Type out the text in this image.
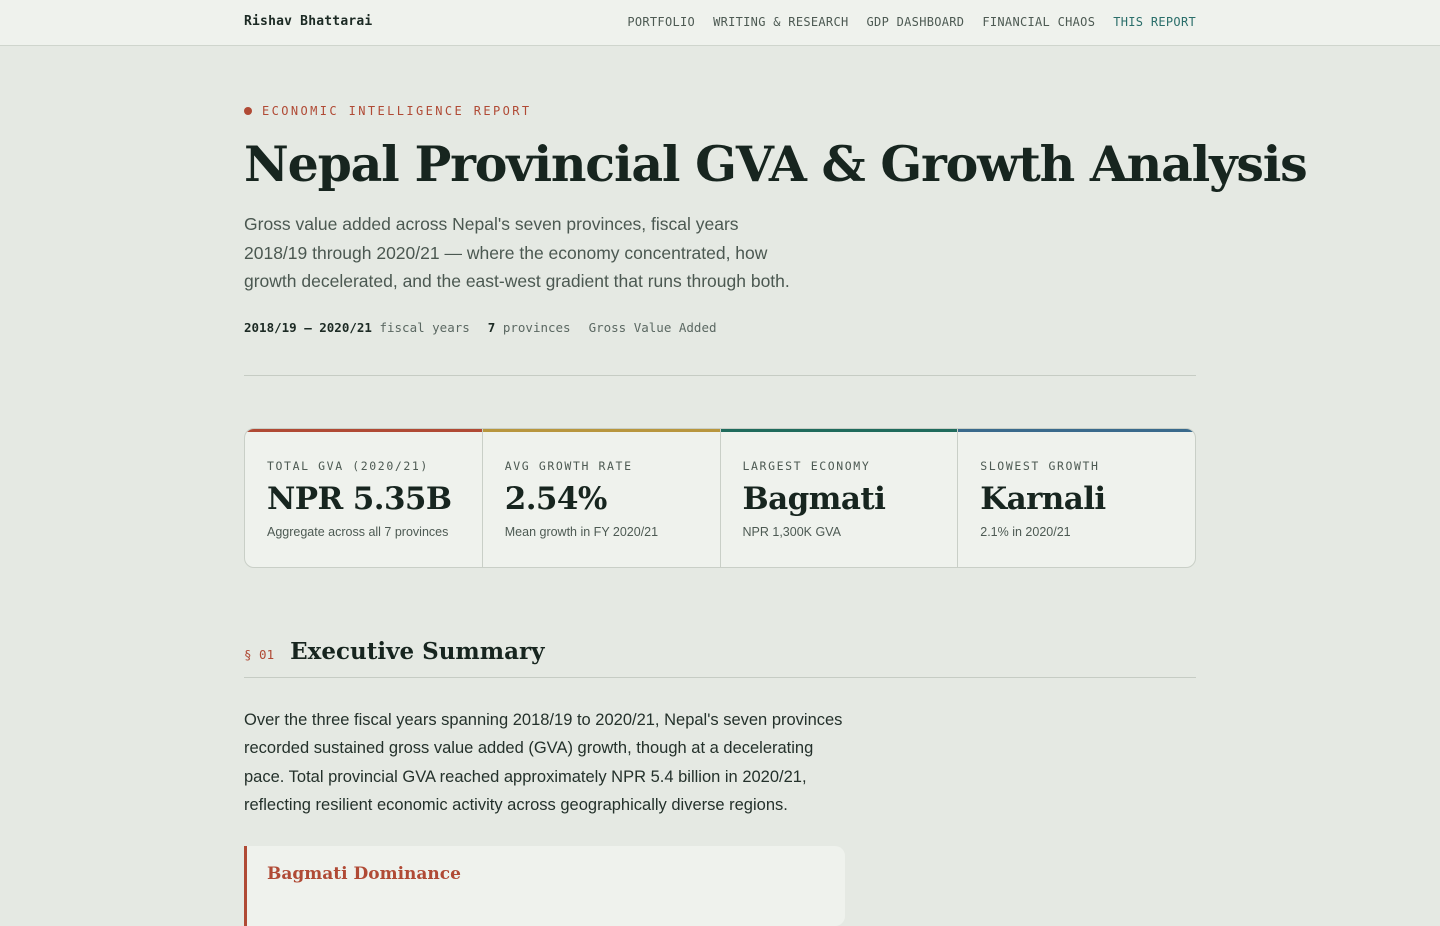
Rishav Bhattarai	PORTFOLIO WRITING & RESEARCH GDP DASHBOARD FINANCIAL CHAOS THIS REPORT
ECONOMIC INTELLIGENCE REPORT
Nepal Provincial GVA & Growth Analysis

Gross value added across Nepal's seven provinces, fiscal years 2018/19 through 2020/21 — where the economy concentrated, how growth decelerated, and the east-west gradient that runs through both.

2018/19 – 2020/21 fiscal years 7 provinces Gross Value Added
TOTAL GVA (2020/21)
NPR 5.35B
Aggregate across all 7 provinces
AVG GROWTH RATE
2.54%
Mean growth in FY 2020/21
LARGEST ECONOMY
Bagmati
NPR 1,300K GVA
SLOWEST GROWTH
Karnali
2.1% in 2020/21
§ 01 Executive Summary

Over the three fiscal years spanning 2018/19 to 2020/21, Nepal's seven provinces recorded sustained gross value added (GVA) growth, though at a decelerating pace. Total provincial GVA reached approximately NPR 5.4 billion in 2020/21, reflecting resilient economic activity across geographically diverse regions.

Bagmati Dominance
